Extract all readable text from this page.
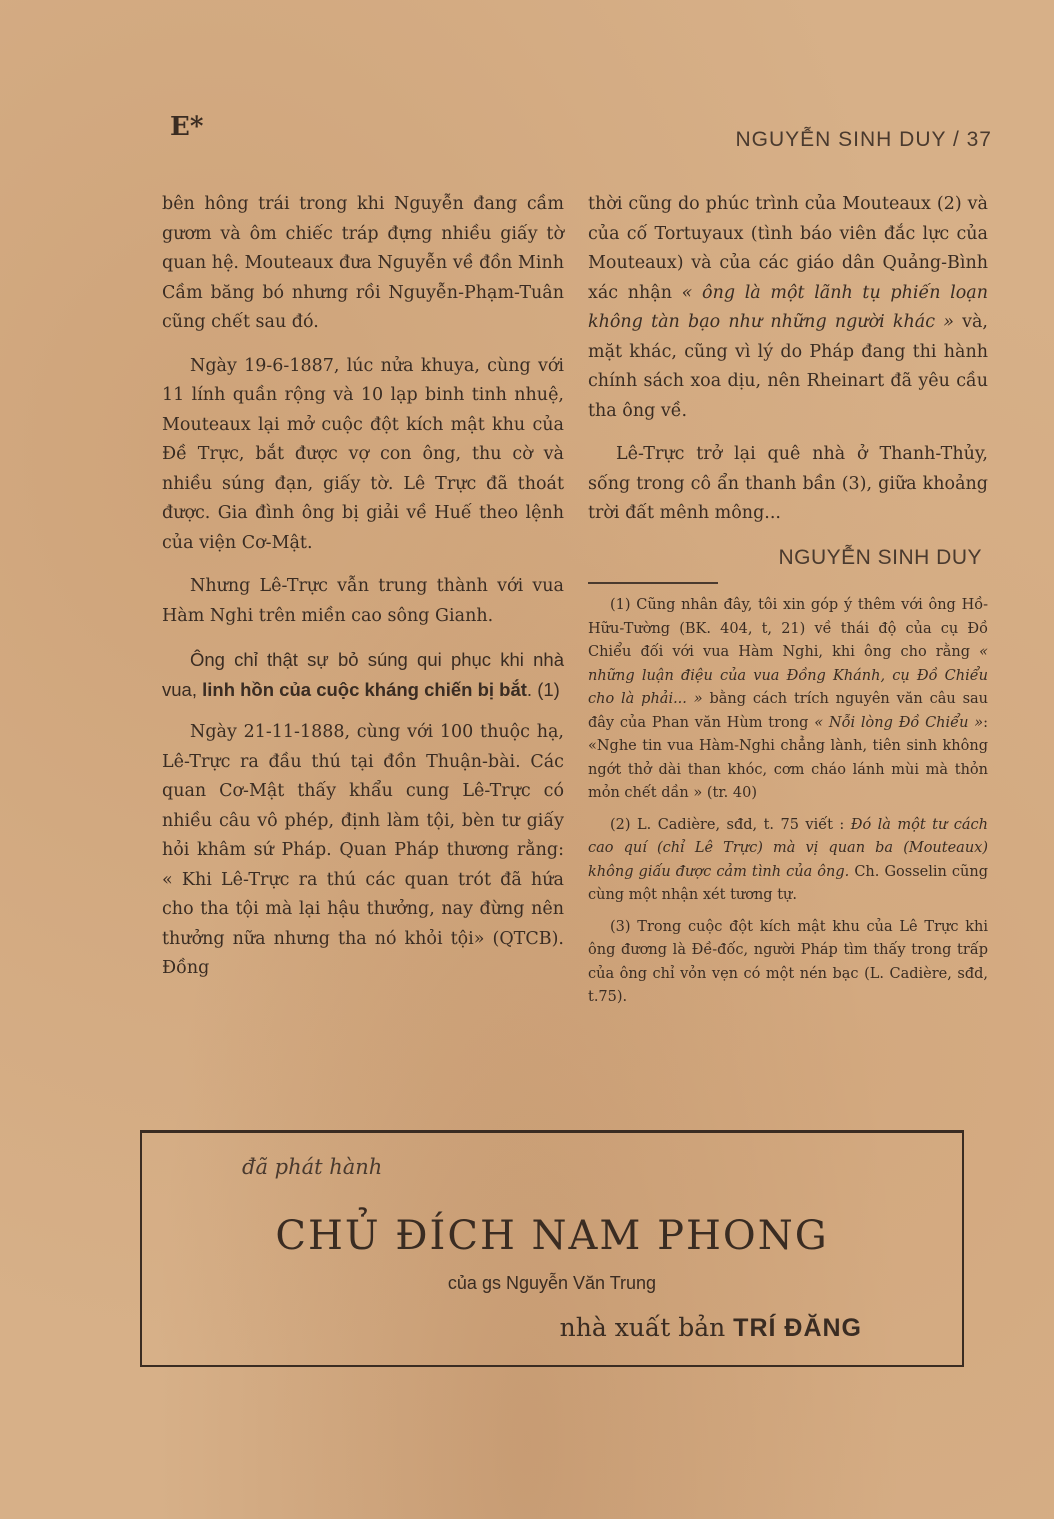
E*	NGUYỄN SINH DUY / 37

bên hông trái trong khi Nguyễn đang cầm gươm và ôm chiếc tráp đựng nhiều giấy tờ quan hệ. Mouteaux đưa Nguyễn về đồn Minh Cầm băng bó nhưng rồi Nguyễn-Phạm-Tuân cũng chết sau đó.

Ngày 19-6-1887, lúc nửa khuya, cùng với 11 lính quần rộng và 10 lạp binh tinh nhuệ, Mouteaux lại mở cuộc đột kích mật khu của Đề Trực, bắt được vợ con ông, thu cờ và nhiều súng đạn, giấy tờ. Lê Trực đã thoát được. Gia đình ông bị giải về Huế theo lệnh của viện Cơ-Mật.

Nhưng Lê-Trực vẫn trung thành với vua Hàm Nghi trên miền cao sông Gianh.

Ông chỉ thật sự bỏ súng qui phục khi nhà vua, linh hồn của cuộc kháng chiến bị bắt. (1)

Ngày 21-11-1888, cùng với 100 thuộc hạ, Lê-Trực ra đầu thú tại đồn Thuận-bài. Các quan Cơ-Mật thấy khẩu cung Lê-Trực có nhiều câu vô phép, định làm tội, bèn tư giấy hỏi khâm sứ Pháp. Quan Pháp thương rằng: « Khi Lê-Trực ra thú các quan trót đã hứa cho tha tội mà lại hậu thưởng, nay đừng nên thưởng nữa nhưng tha nó khỏi tội» (QTCB). Đồng

thời cũng do phúc trình của Mouteaux (2) và của cố Tortuyaux (tình báo viên đắc lực của Mouteaux) và của các giáo dân Quảng-Bình xác nhận « ông là một lãnh tụ phiến loạn không tàn bạo như những người khác » và, mặt khác, cũng vì lý do Pháp đang thi hành chính sách xoa dịu, nên Rheinart đã yêu cầu tha ông về.

Lê-Trực trở lại quê nhà ở Thanh-Thủy, sống trong cô ẩn thanh bần (3), giữa khoảng trời đất mênh mông...

NGUYỄN SINH DUY

(1) Cũng nhân đây, tôi xin góp ý thêm với ông Hồ-Hữu-Tường (BK. 404, t, 21) về thái độ của cụ Đồ Chiểu đối với vua Hàm Nghi, khi ông cho rằng « những luận điệu của vua Đồng Khánh, cụ Đồ Chiểu cho là phải... » bằng cách trích nguyên văn câu sau đây của Phan văn Hùm trong « Nỗi lòng Đồ Chiểu »: «Nghe tin vua Hàm-Nghi chẳng lành, tiên sinh không ngớt thở dài than khóc, cơm cháo lánh mùi mà thỏn mỏn chết dần » (tr. 40)

(2) L. Cadière, sđd, t. 75 viết : Đó là một tư cách cao quí (chỉ Lê Trực) mà vị quan ba (Mouteaux) không giấu được cảm tình của ông. Ch. Gosselin cũng cùng một nhận xét tương tự.

(3) Trong cuộc đột kích mật khu của Lê Trực khi ông đương là Đề-đốc, người Pháp tìm thấy trong trấp của ông chỉ vỏn vẹn có một nén bạc (L. Cadière, sđd, t.75).

đã phát hành
CHỦ ĐÍCH NAM PHONG
của gs Nguyễn Văn Trung
nhà xuất bản TRÍ ĐĂNG
